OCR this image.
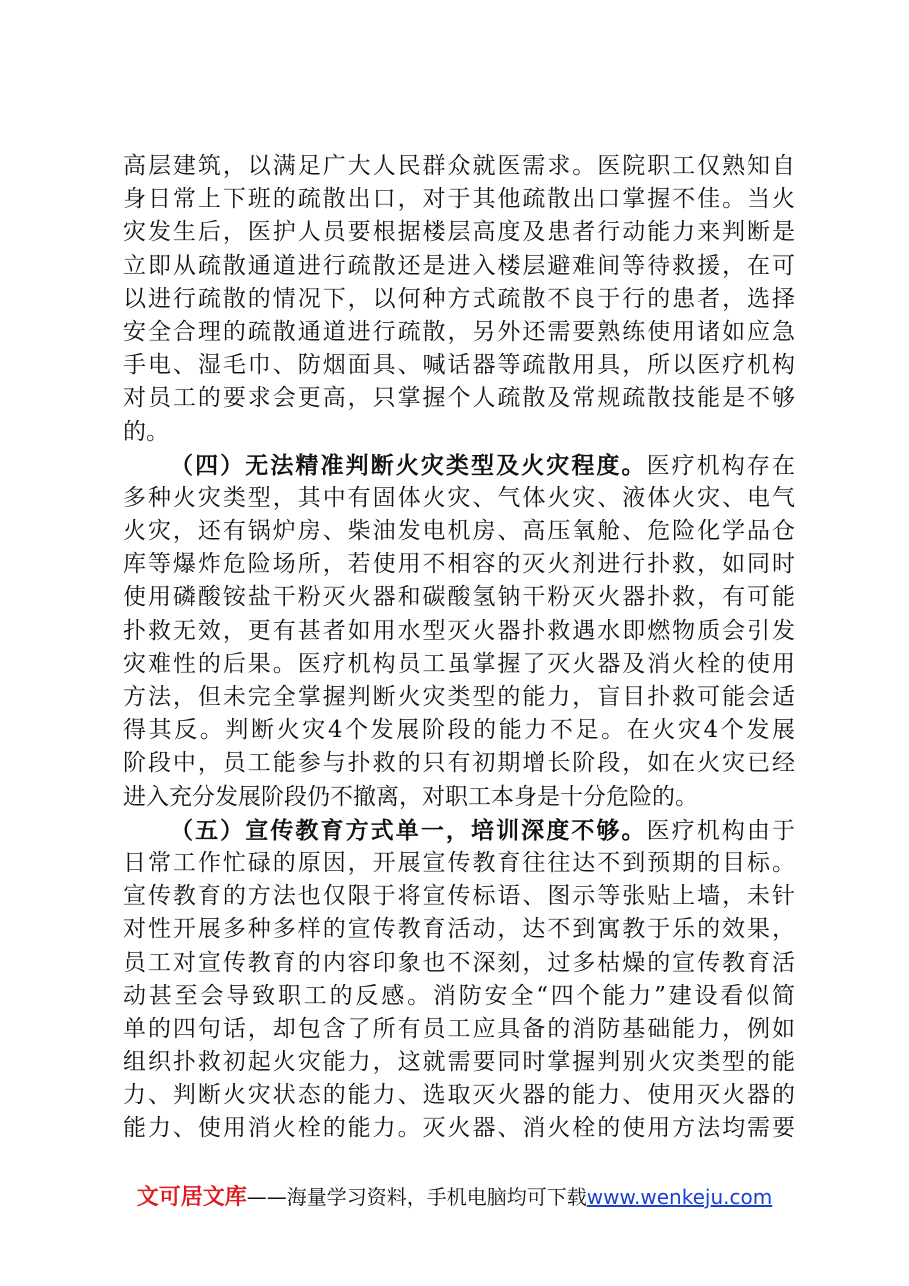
高层建筑，以满足广大人民群众就医需求。医院职工仅熟知自
身日常上下班的疏散出口，对于其他疏散出口掌握不佳。当火
灾发生后，医护人员要根据楼层高度及患者行动能力来判断是
立即从疏散通道进行疏散还是进入楼层避难间等待救援，在可
以进行疏散的情况下，以何种方式疏散不良于行的患者，选择
安全合理的疏散通道进行疏散，另外还需要熟练使用诸如应急
手电、湿毛巾、防烟面具、喊话器等疏散用具，所以医疗机构
对员工的要求会更高，只掌握个人疏散及常规疏散技能是不够
的。
（四）无法精准判断火灾类型及火灾程度。医疗机构存在
多种火灾类型，其中有固体火灾、气体火灾、液体火灾、电气
火灾，还有锅炉房、柴油发电机房、高压氧舱、危险化学品仓
库等爆炸危险场所，若使用不相容的灭火剂进行扑救，如同时
使用磷酸铵盐干粉灭火器和碳酸氢钠干粉灭火器扑救，有可能
扑救无效，更有甚者如用水型灭火器扑救遇水即燃物质会引发
灾难性的后果。医疗机构员工虽掌握了灭火器及消火栓的使用
方法，但未完全掌握判断火灾类型的能力，盲目扑救可能会适
得其反。判断火灾4个发展阶段的能力不足。在火灾4个发展
阶段中，员工能参与扑救的只有初期增长阶段，如在火灾已经
进入充分发展阶段仍不撤离，对职工本身是十分危险的。
（五）宣传教育方式单一，培训深度不够。医疗机构由于
日常工作忙碌的原因，开展宣传教育往往达不到预期的目标。
宣传教育的方法也仅限于将宣传标语、图示等张贴上墙，未针
对性开展多种多样的宣传教育活动，达不到寓教于乐的效果，
员工对宣传教育的内容印象也不深刻，过多枯燥的宣传教育活
动甚至会导致职工的反感。消防安全“四个能力”建设看似简
单的四句话，却包含了所有员工应具备的消防基础能力，例如
组织扑救初起火灾能力，这就需要同时掌握判别火灾类型的能
力、判断火灾状态的能力、选取灭火器的能力、使用灭火器的
能力、使用消火栓的能力。灭火器、消火栓的使用方法均需要
文可居文库——海量学习资料，手机电脑均可下载www.wenkeju.com
